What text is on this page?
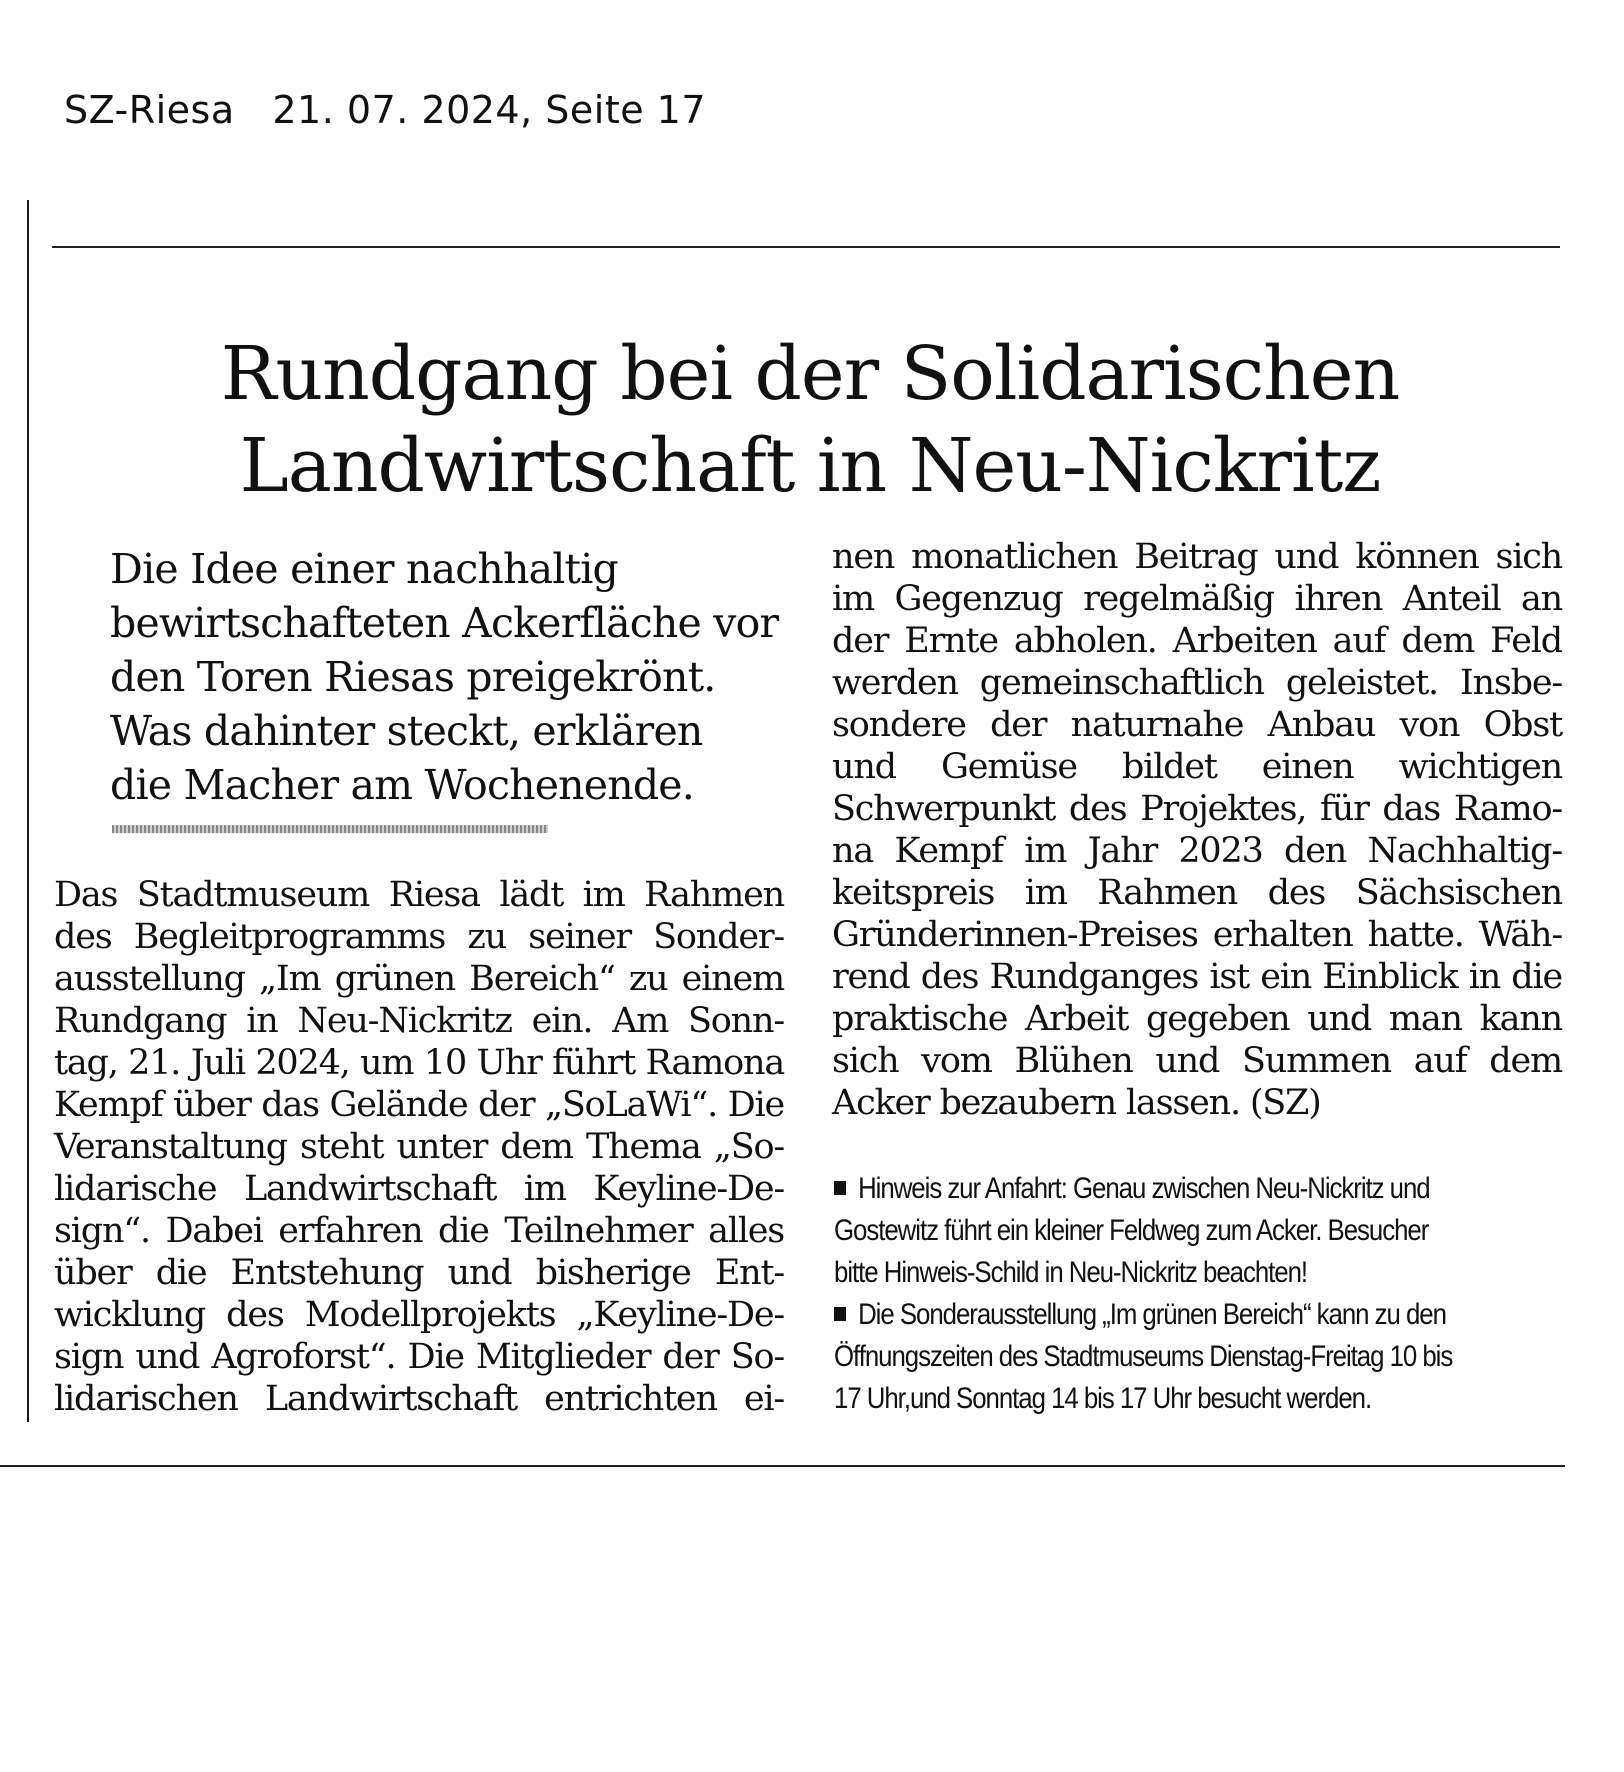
SZ-Riesa 21. 07. 2024, Seite 17
Rundgang bei der Solidarischen
Landwirtschaft in Neu-Nickritz
Die Idee einer nachhaltig
bewirtschafteten Ackerfläche vor
den Toren Riesas preigekrönt.
Was dahinter steckt, erklären
die Macher am Wochenende.
Das Stadtmuseum Riesa lädt im Rahmen
des Begleitprogramms zu seiner Sonder-
ausstellung „Im grünen Bereich“ zu einem
Rundgang in Neu-Nickritz ein. Am Sonn-
tag, 21. Juli 2024, um 10 Uhr führt Ramona
Kempf über das Gelände der „SoLaWi“. Die
Veranstaltung steht unter dem Thema „So-
lidarische Landwirtschaft im Keyline-De-
sign“. Dabei erfahren die Teilnehmer alles
über die Entstehung und bisherige Ent-
wicklung des Modellprojekts „Keyline-De-
sign und Agroforst“. Die Mitglieder der So-
lidarischen Landwirtschaft entrichten ei-
nen monatlichen Beitrag und können sich
im Gegenzug regelmäßig ihren Anteil an
der Ernte abholen. Arbeiten auf dem Feld
werden gemeinschaftlich geleistet. Insbe-
sondere der naturnahe Anbau von Obst
und Gemüse bildet einen wichtigen
Schwerpunkt des Projektes, für das Ramo-
na Kempf im Jahr 2023 den Nachhaltig-
keitspreis im Rahmen des Sächsischen
Gründerinnen-Preises erhalten hatte. Wäh-
rend des Rundganges ist ein Einblick in die
praktische Arbeit gegeben und man kann
sich vom Blühen und Summen auf dem
Acker bezaubern lassen. (SZ)
Hinweis zur Anfahrt: Genau zwischen Neu-Nickritz und
Gostewitz führt ein kleiner Feldweg zum Acker. Besucher
bitte Hinweis-Schild in Neu-Nickritz beachten!
Die Sonderausstellung „Im grünen Bereich“ kann zu den
Öffnungszeiten des Stadtmuseums Dienstag-Freitag 10 bis
17 Uhr,und Sonntag 14 bis 17 Uhr besucht werden.
